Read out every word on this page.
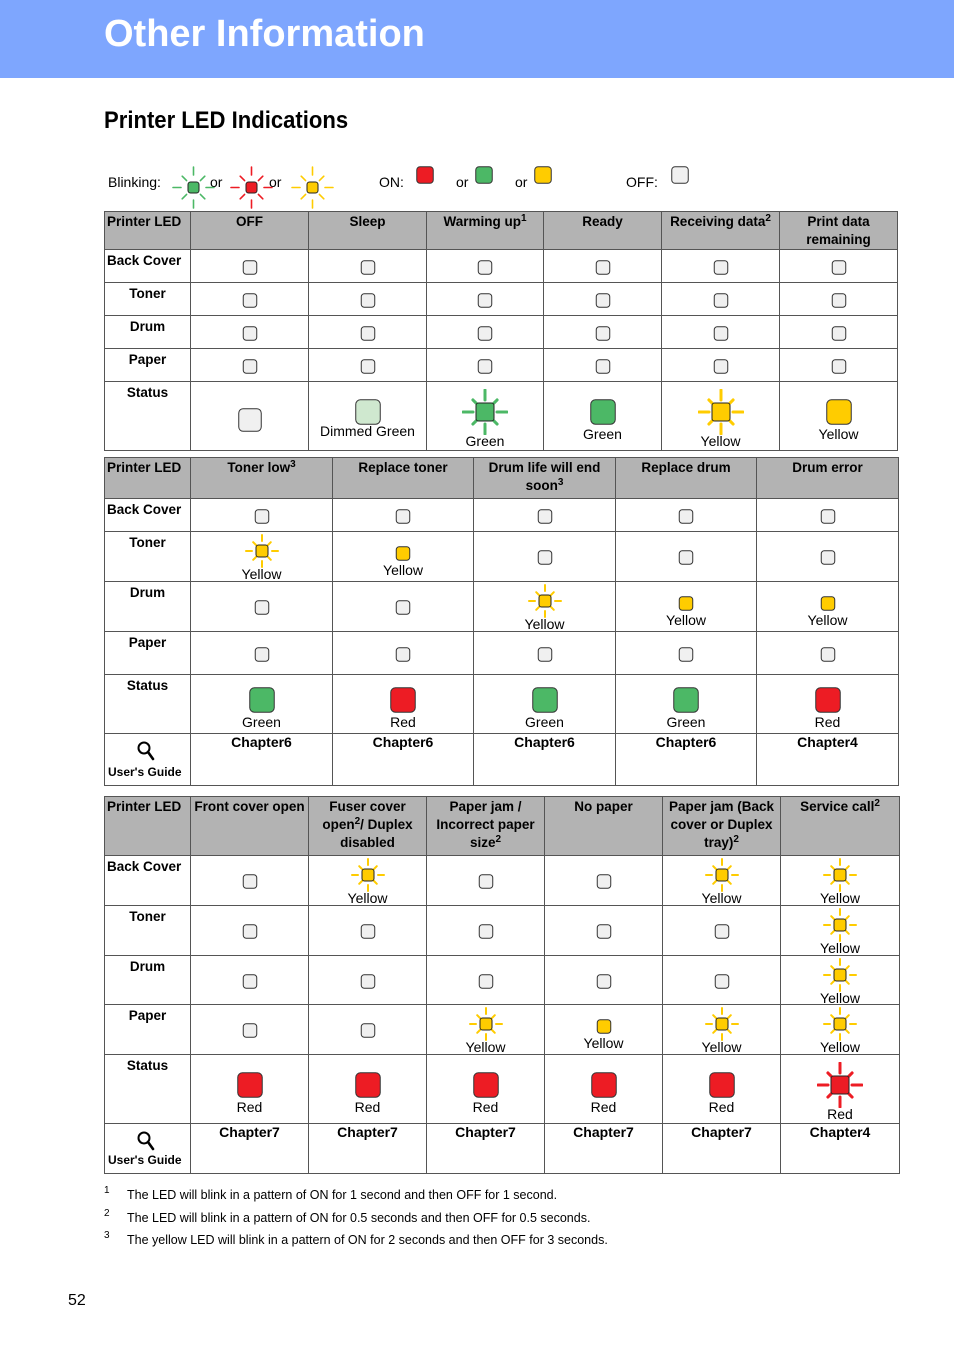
Other Information
Printer LED Indications
Blinking:	or	or	ON:	or	or	OFF:
Printer LED	OFF	Sleep	Warming $up^1$	Ready	Receiving data$^2$	Print data remaining
Back Cover	

Toner	

Drum	

Paper	

Status		Dimmed Green	Green	Green	Yellow	Yellow
Printer LED	Toner low$^3$	Replace toner	Drum life will end soon$^3$	Replace drum	Drum error
Back Cover	

Toner	Yellow	Yellow

Drum			Yellow	Yellow	Yellow

Paper	

Status	Green	Red	Green	Green	Red

User's Guide	Chapter6	Chapter6	Chapter6	Chapter6	Chapter4
Printer LED	Front cover open	Fuser cover open$^2$/ Duplex disabled	Paper jam / Incorrect paper size$^2$	No paper	Paper jam (Back cover or Duplex tray)$^2$	Service call$^2$
Back Cover		Yellow			Yellow	Yellow

Toner						Yellow

Drum						Yellow

Paper			Yellow	Yellow	Yellow	Yellow

Status	Red	Red	Red	Red	Red	Red

User's Guide	Chapter7	Chapter7	Chapter7	Chapter7	Chapter7	Chapter4
1 The LED will blink in a pattern of ON for 1 second and then OFF for 1 second.
2 The LED will blink in a pattern of ON for 0.5 seconds and then OFF for 0.5 seconds.
3 The yellow LED will blink in a pattern of ON for 2 seconds and then OFF for 3 seconds.
52
